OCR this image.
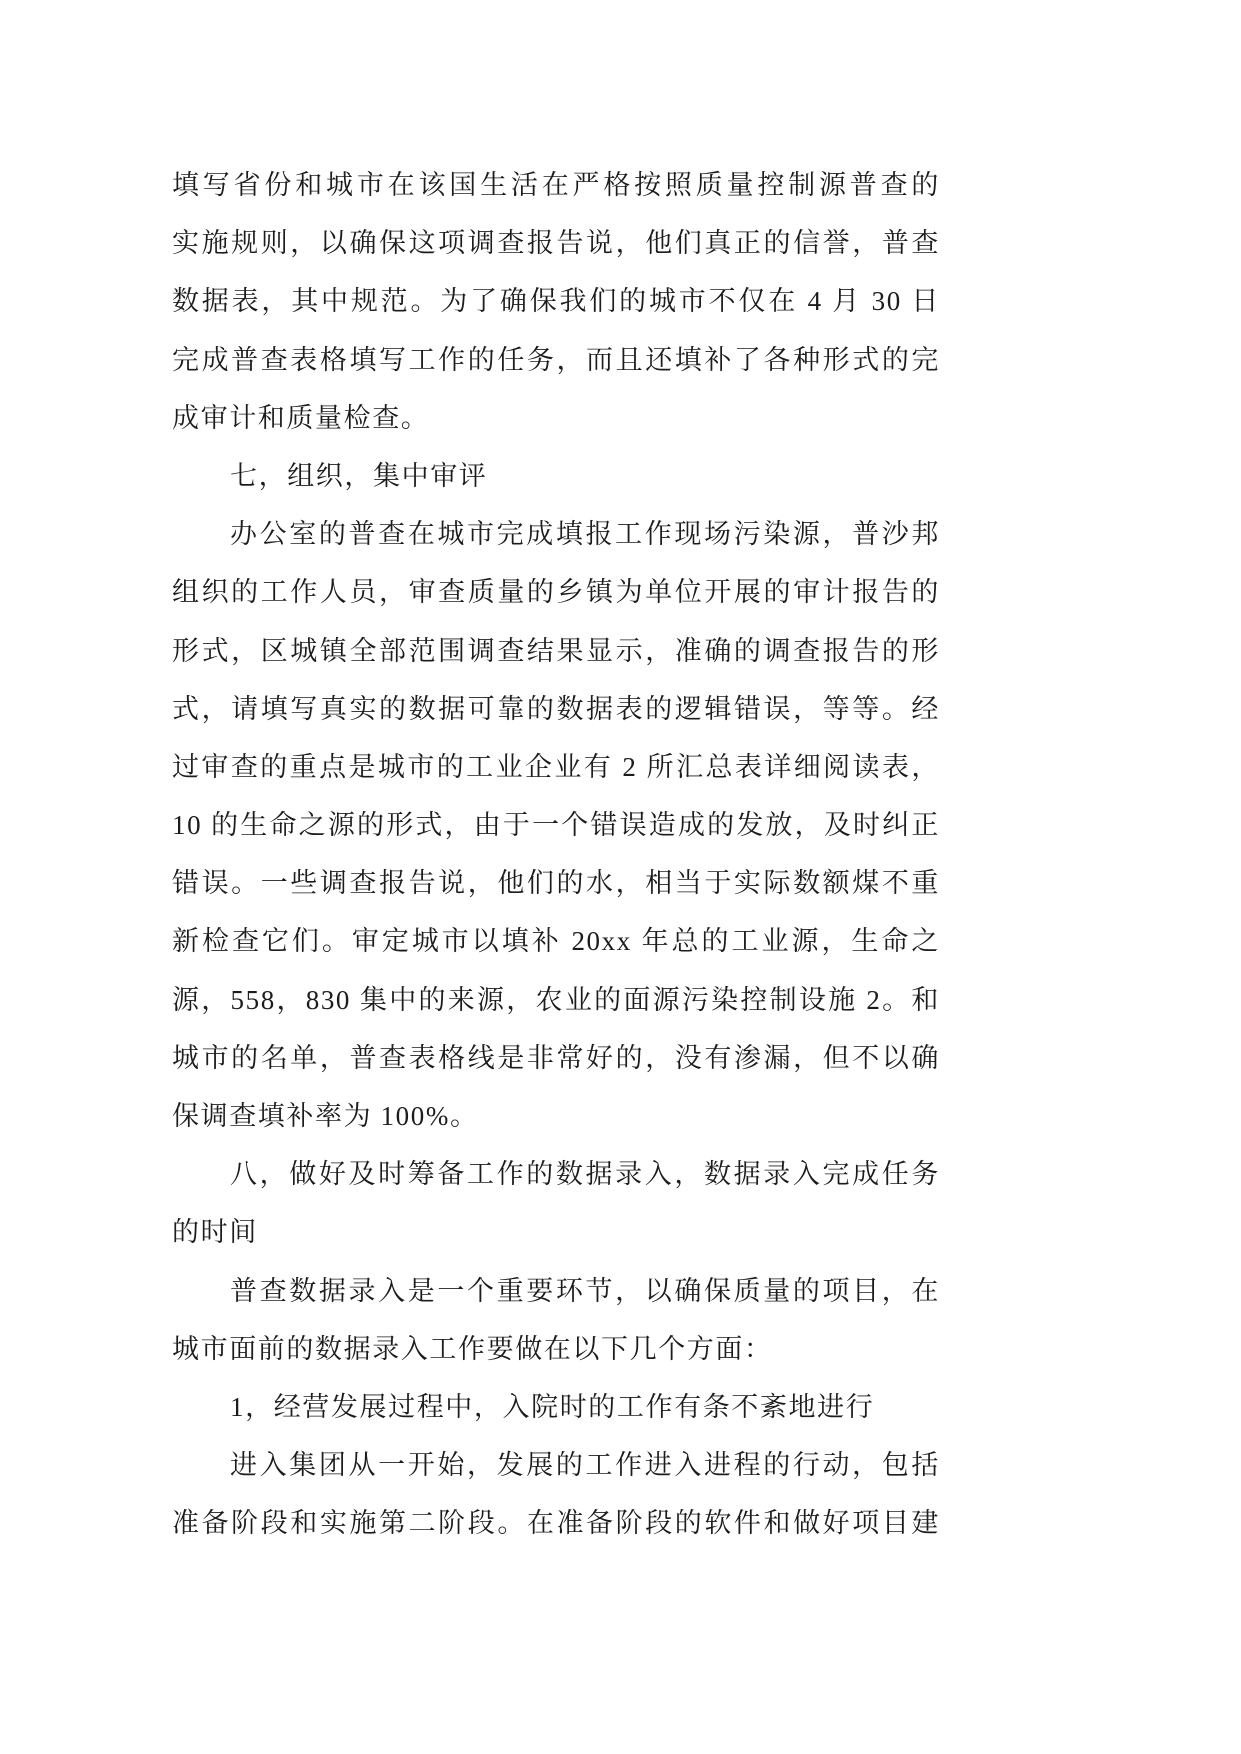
填写省份和城市在该国生活在严格按照质量控制源普查的
实施规则，以确保这项调查报告说，他们真正的信誉，普查
数据表，其中规范。为了确保我们的城市不仅在 4 月 30 日
完成普查表格填写工作的任务，而且还填补了各种形式的完
成审计和质量检查。
七，组织，集中审评
办公室的普查在城市完成填报工作现场污染源，普沙邦
组织的工作人员，审查质量的乡镇为单位开展的审计报告的
形式，区城镇全部范围调查结果显示，准确的调查报告的形
式，请填写真实的数据可靠的数据表的逻辑错误，等等。经
过审查的重点是城市的工业企业有 2 所汇总表详细阅读表，
10 的生命之源的形式，由于一个错误造成的发放，及时纠正
错误。一些调查报告说，他们的水，相当于实际数额煤不重
新检查它们。审定城市以填补 20xx 年总的工业源，生命之
源，558，830 集中的来源，农业的面源污染控制设施 2。和
城市的名单，普查表格线是非常好的，没有渗漏，但不以确
保调查填补率为 100%。
八，做好及时筹备工作的数据录入，数据录入完成任务
的时间
普查数据录入是一个重要环节，以确保质量的项目，在
城市面前的数据录入工作要做在以下几个方面：
1，经营发展过程中，入院时的工作有条不紊地进行
进入集团从一开始，发展的工作进入进程的行动，包括
准备阶段和实施第二阶段。在准备阶段的软件和做好项目建
